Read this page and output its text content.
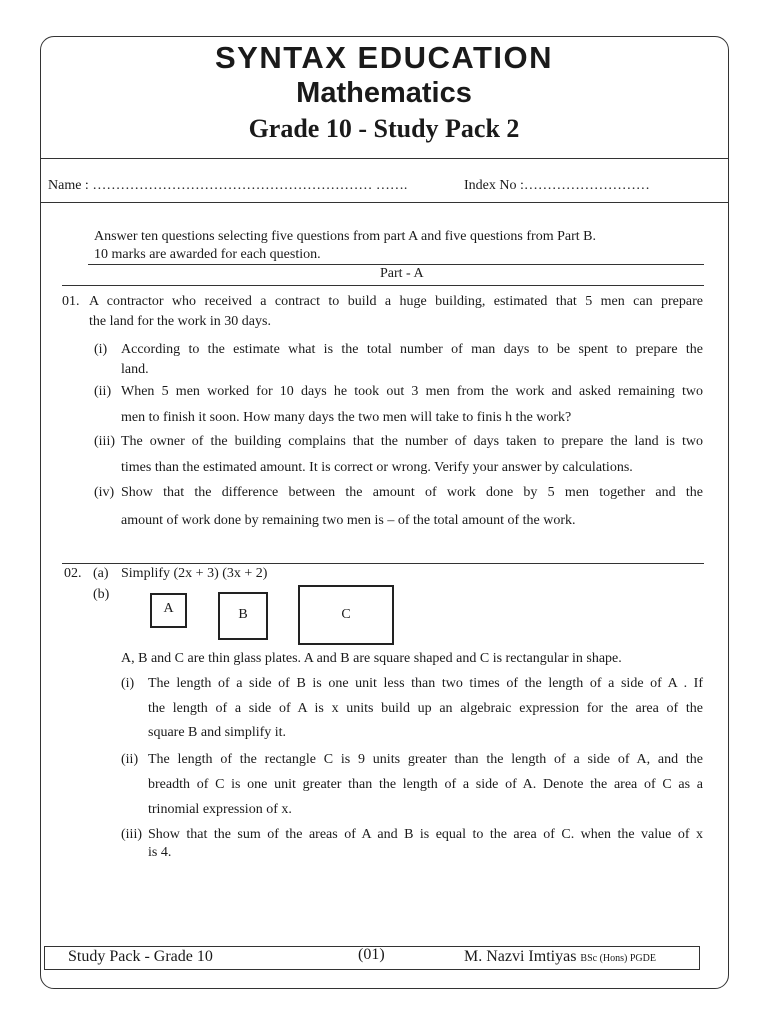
SYNTAX EDUCATION
Mathematics
Grade 10 - Study Pack 2
Name : …………………………………………………… …….	Index No :………………………
Answer ten questions selecting five questions from part A and five questions from Part B.
10 marks are awarded for each question.
Part - A
01. A contractor who received a contract to build a huge building, estimated that 5 men can prepare
the land for the work in 30 days.
(i) According to the estimate what is the total number of man days to be spent to prepare the
land.
(ii) When 5 men worked for 10 days he took out 3 men from the work and asked remaining two
men to finish it soon. How many days the two men will take to finis h the work?
(iii) The owner of the building complains that the number of days taken to prepare the land is two
times than the estimated amount. It is correct or wrong. Verify your answer by calculations.
(iv) Show that the difference between the amount of work done by 5 men together and the
amount of work done by remaining two men is – of the total amount of the work.
02. (a) Simplify (2x + 3) (3x + 2)
(b)
A	B	C
A, B and C are thin glass plates. A and B are square shaped and C is rectangular in shape.
(i) The length of a side of B is one unit less than two times of the length of a side of A . If
the length of a side of A is x units build up an algebraic expression for the area of the
square B and simplify it.
(ii) The length of the rectangle C is 9 units greater than the length of a side of A, and the
breadth of C is one unit greater than the length of a side of A. Denote the area of C as a
trinomial expression of x.
(iii) Show that the sum of the areas of A and B is equal to the area of C. when the value of x
is 4.
Study Pack - Grade 10	(01)	M. Nazvi Imtiyas BSc (Hons) PGDE
